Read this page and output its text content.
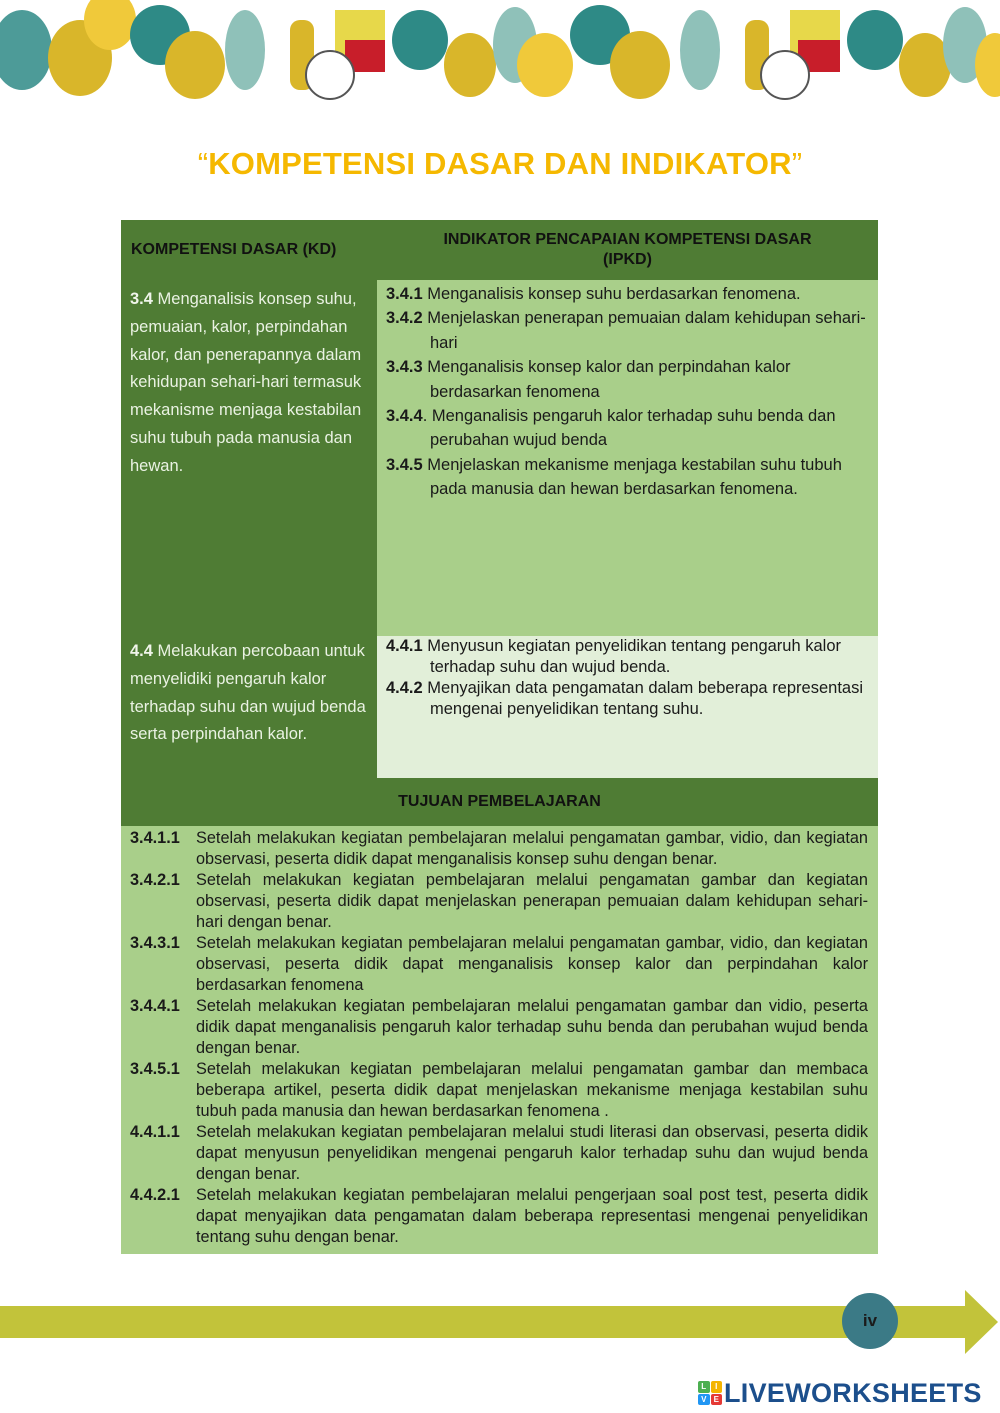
“KOMPETENSI DASAR DAN INDIKATOR”
KOMPETENSI DASAR (KD)
INDIKATOR PENCAPAIAN KOMPETENSI DASAR
(IPKD)
3.4 Menganalisis konsep suhu, pemuaian, kalor, perpindahan kalor, dan penerapannya dalam kehidupan sehari-hari termasuk mekanisme menjaga kestabilan suhu tubuh pada manusia dan hewan.

3.4.1 Menganalisis konsep suhu berdasarkan fenomena.

3.4.2 Menjelaskan penerapan pemuaian dalam kehidupan sehari-hari

3.4.3 Menganalisis konsep kalor dan perpindahan kalor berdasarkan fenomena

3.4.4. Menganalisis pengaruh kalor terhadap suhu benda dan perubahan wujud benda

3.4.5 Menjelaskan mekanisme menjaga kestabilan suhu tubuh pada manusia dan hewan berdasarkan fenomena.

4.4 Melakukan percobaan untuk menyelidiki pengaruh kalor terhadap suhu dan wujud benda serta perpindahan kalor.

4.4.1 Menyusun kegiatan penyelidikan tentang pengaruh kalor terhadap suhu dan wujud benda.

4.4.2 Menyajikan data pengamatan dalam beberapa representasi mengenai penyelidikan tentang suhu.

TUJUAN PEMBELAJARAN
3.4.1.1 Setelah melakukan kegiatan pembelajaran melalui pengamatan gambar, vidio, dan kegiatan observasi, peserta didik dapat menganalisis konsep suhu dengan benar.
3.4.2.1 Setelah melakukan kegiatan pembelajaran melalui pengamatan gambar dan kegiatan observasi, peserta didik dapat menjelaskan penerapan pemuaian dalam kehidupan sehari-hari dengan benar.
3.4.3.1 Setelah melakukan kegiatan pembelajaran melalui pengamatan gambar, vidio, dan kegiatan observasi, peserta didik dapat menganalisis konsep kalor dan perpindahan kalor berdasarkan fenomena
3.4.4.1 Setelah melakukan kegiatan pembelajaran melalui pengamatan gambar dan vidio, peserta didik dapat menganalisis pengaruh kalor terhadap suhu benda dan perubahan wujud benda dengan benar.
3.4.5.1 Setelah melakukan kegiatan pembelajaran melalui pengamatan gambar dan membaca beberapa artikel, peserta didik dapat menjelaskan mekanisme menjaga kestabilan suhu tubuh pada manusia dan hewan berdasarkan fenomena .
4.4.1.1 Setelah melakukan kegiatan pembelajaran melalui studi literasi dan observasi, peserta didik dapat menyusun penyelidikan mengenai pengaruh kalor terhadap suhu dan wujud benda dengan benar.
4.4.2.1 Setelah melakukan kegiatan pembelajaran melalui pengerjaan soal post test, peserta didik dapat menyajikan data pengamatan dalam beberapa representasi mengenai penyelidikan tentang suhu dengan benar.
iv
L	I
V E LIVEWORKSHEETS
